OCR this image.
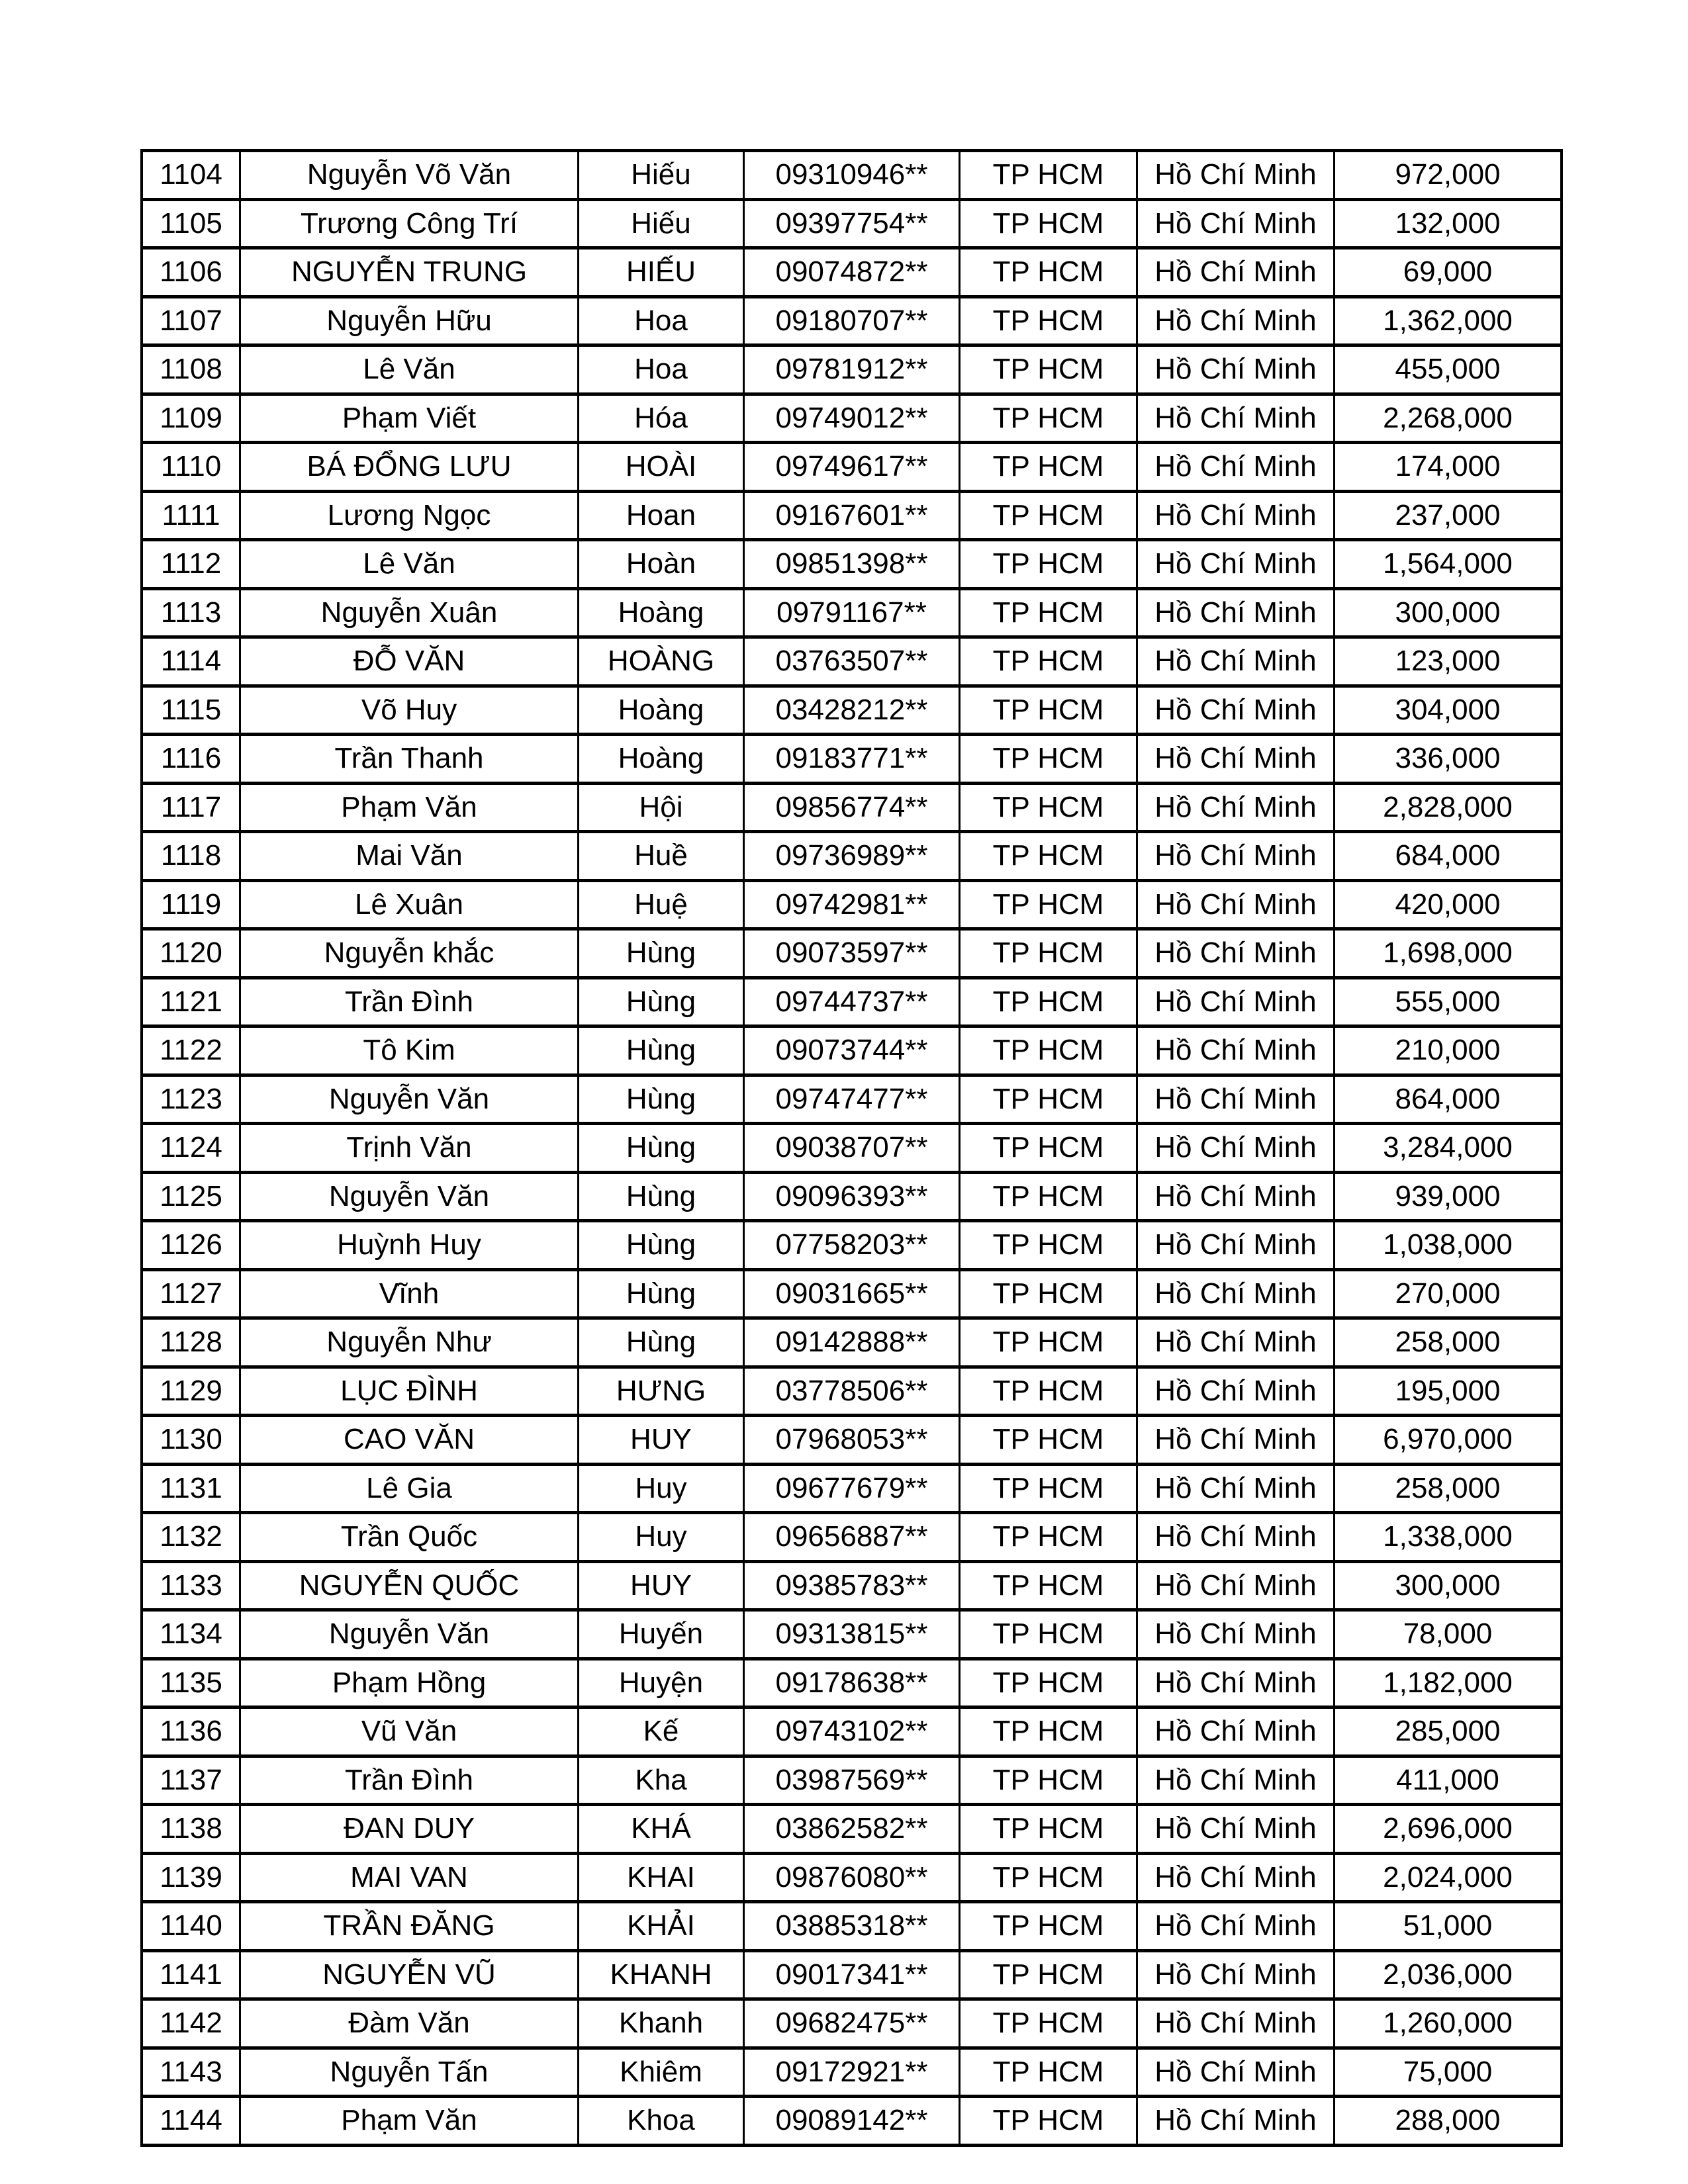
1104	Nguyễn Võ Văn	Hiếu	09310946**	TP HCM	Hồ Chí Minh	972,000
1105	Trương Công Trí	Hiếu	09397754**	TP HCM	Hồ Chí Minh	132,000
1106	NGUYỄN TRUNG	HIẾU	09074872**	TP HCM	Hồ Chí Minh	69,000
1107	Nguyễn Hữu	Hoa	09180707**	TP HCM	Hồ Chí Minh	1,362,000
1108	Lê Văn	Hoa	09781912**	TP HCM	Hồ Chí Minh	455,000
1109	Phạm Viết	Hóa	09749012**	TP HCM	Hồ Chí Minh	2,268,000
1110	BÁ ĐỔNG LƯU	HOÀI	09749617**	TP HCM	Hồ Chí Minh	174,000
1111	Lương Ngọc	Hoan	09167601**	TP HCM	Hồ Chí Minh	237,000
1112	Lê Văn	Hoàn	09851398**	TP HCM	Hồ Chí Minh	1,564,000
1113	Nguyễn Xuân	Hoàng	09791167**	TP HCM	Hồ Chí Minh	300,000
1114	ĐỖ VĂN	HOÀNG	03763507**	TP HCM	Hồ Chí Minh	123,000
1115	Võ Huy	Hoàng	03428212**	TP HCM	Hồ Chí Minh	304,000
1116	Trần Thanh	Hoàng	09183771**	TP HCM	Hồ Chí Minh	336,000
1117	Phạm Văn	Hội	09856774**	TP HCM	Hồ Chí Minh	2,828,000
1118	Mai Văn	Huề	09736989**	TP HCM	Hồ Chí Minh	684,000
1119	Lê Xuân	Huệ	09742981**	TP HCM	Hồ Chí Minh	420,000
1120	Nguyễn khắc	Hùng	09073597**	TP HCM	Hồ Chí Minh	1,698,000
1121	Trần Đình	Hùng	09744737**	TP HCM	Hồ Chí Minh	555,000
1122	Tô Kim	Hùng	09073744**	TP HCM	Hồ Chí Minh	210,000
1123	Nguyễn Văn	Hùng	09747477**	TP HCM	Hồ Chí Minh	864,000
1124	Trịnh Văn	Hùng	09038707**	TP HCM	Hồ Chí Minh	3,284,000
1125	Nguyễn Văn	Hùng	09096393**	TP HCM	Hồ Chí Minh	939,000
1126	Huỳnh Huy	Hùng	07758203**	TP HCM	Hồ Chí Minh	1,038,000
1127	Vĩnh	Hùng	09031665**	TP HCM	Hồ Chí Minh	270,000
1128	Nguyễn Như	Hùng	09142888**	TP HCM	Hồ Chí Minh	258,000
1129	LỤC ĐÌNH	HƯNG	03778506**	TP HCM	Hồ Chí Minh	195,000
1130	CAO VĂN	HUY	07968053**	TP HCM	Hồ Chí Minh	6,970,000
1131	Lê Gia	Huy	09677679**	TP HCM	Hồ Chí Minh	258,000
1132	Trần Quốc	Huy	09656887**	TP HCM	Hồ Chí Minh	1,338,000
1133	NGUYỄN QUỐC	HUY	09385783**	TP HCM	Hồ Chí Minh	300,000
1134	Nguyễn Văn	Huyến	09313815**	TP HCM	Hồ Chí Minh	78,000
1135	Phạm Hồng	Huyện	09178638**	TP HCM	Hồ Chí Minh	1,182,000
1136	Vũ Văn	Kế	09743102**	TP HCM	Hồ Chí Minh	285,000
1137	Trần Đình	Kha	03987569**	TP HCM	Hồ Chí Minh	411,000
1138	ĐAN DUY	KHÁ	03862582**	TP HCM	Hồ Chí Minh	2,696,000
1139	MAI VAN	KHAI	09876080**	TP HCM	Hồ Chí Minh	2,024,000
1140	TRẦN ĐĂNG	KHẢI	03885318**	TP HCM	Hồ Chí Minh	51,000
1141	NGUYỄN VŨ	KHANH	09017341**	TP HCM	Hồ Chí Minh	2,036,000
1142	Đàm Văn	Khanh	09682475**	TP HCM	Hồ Chí Minh	1,260,000
1143	Nguyễn Tấn	Khiêm	09172921**	TP HCM	Hồ Chí Minh	75,000
1144	Phạm Văn	Khoa	09089142**	TP HCM	Hồ Chí Minh	288,000
